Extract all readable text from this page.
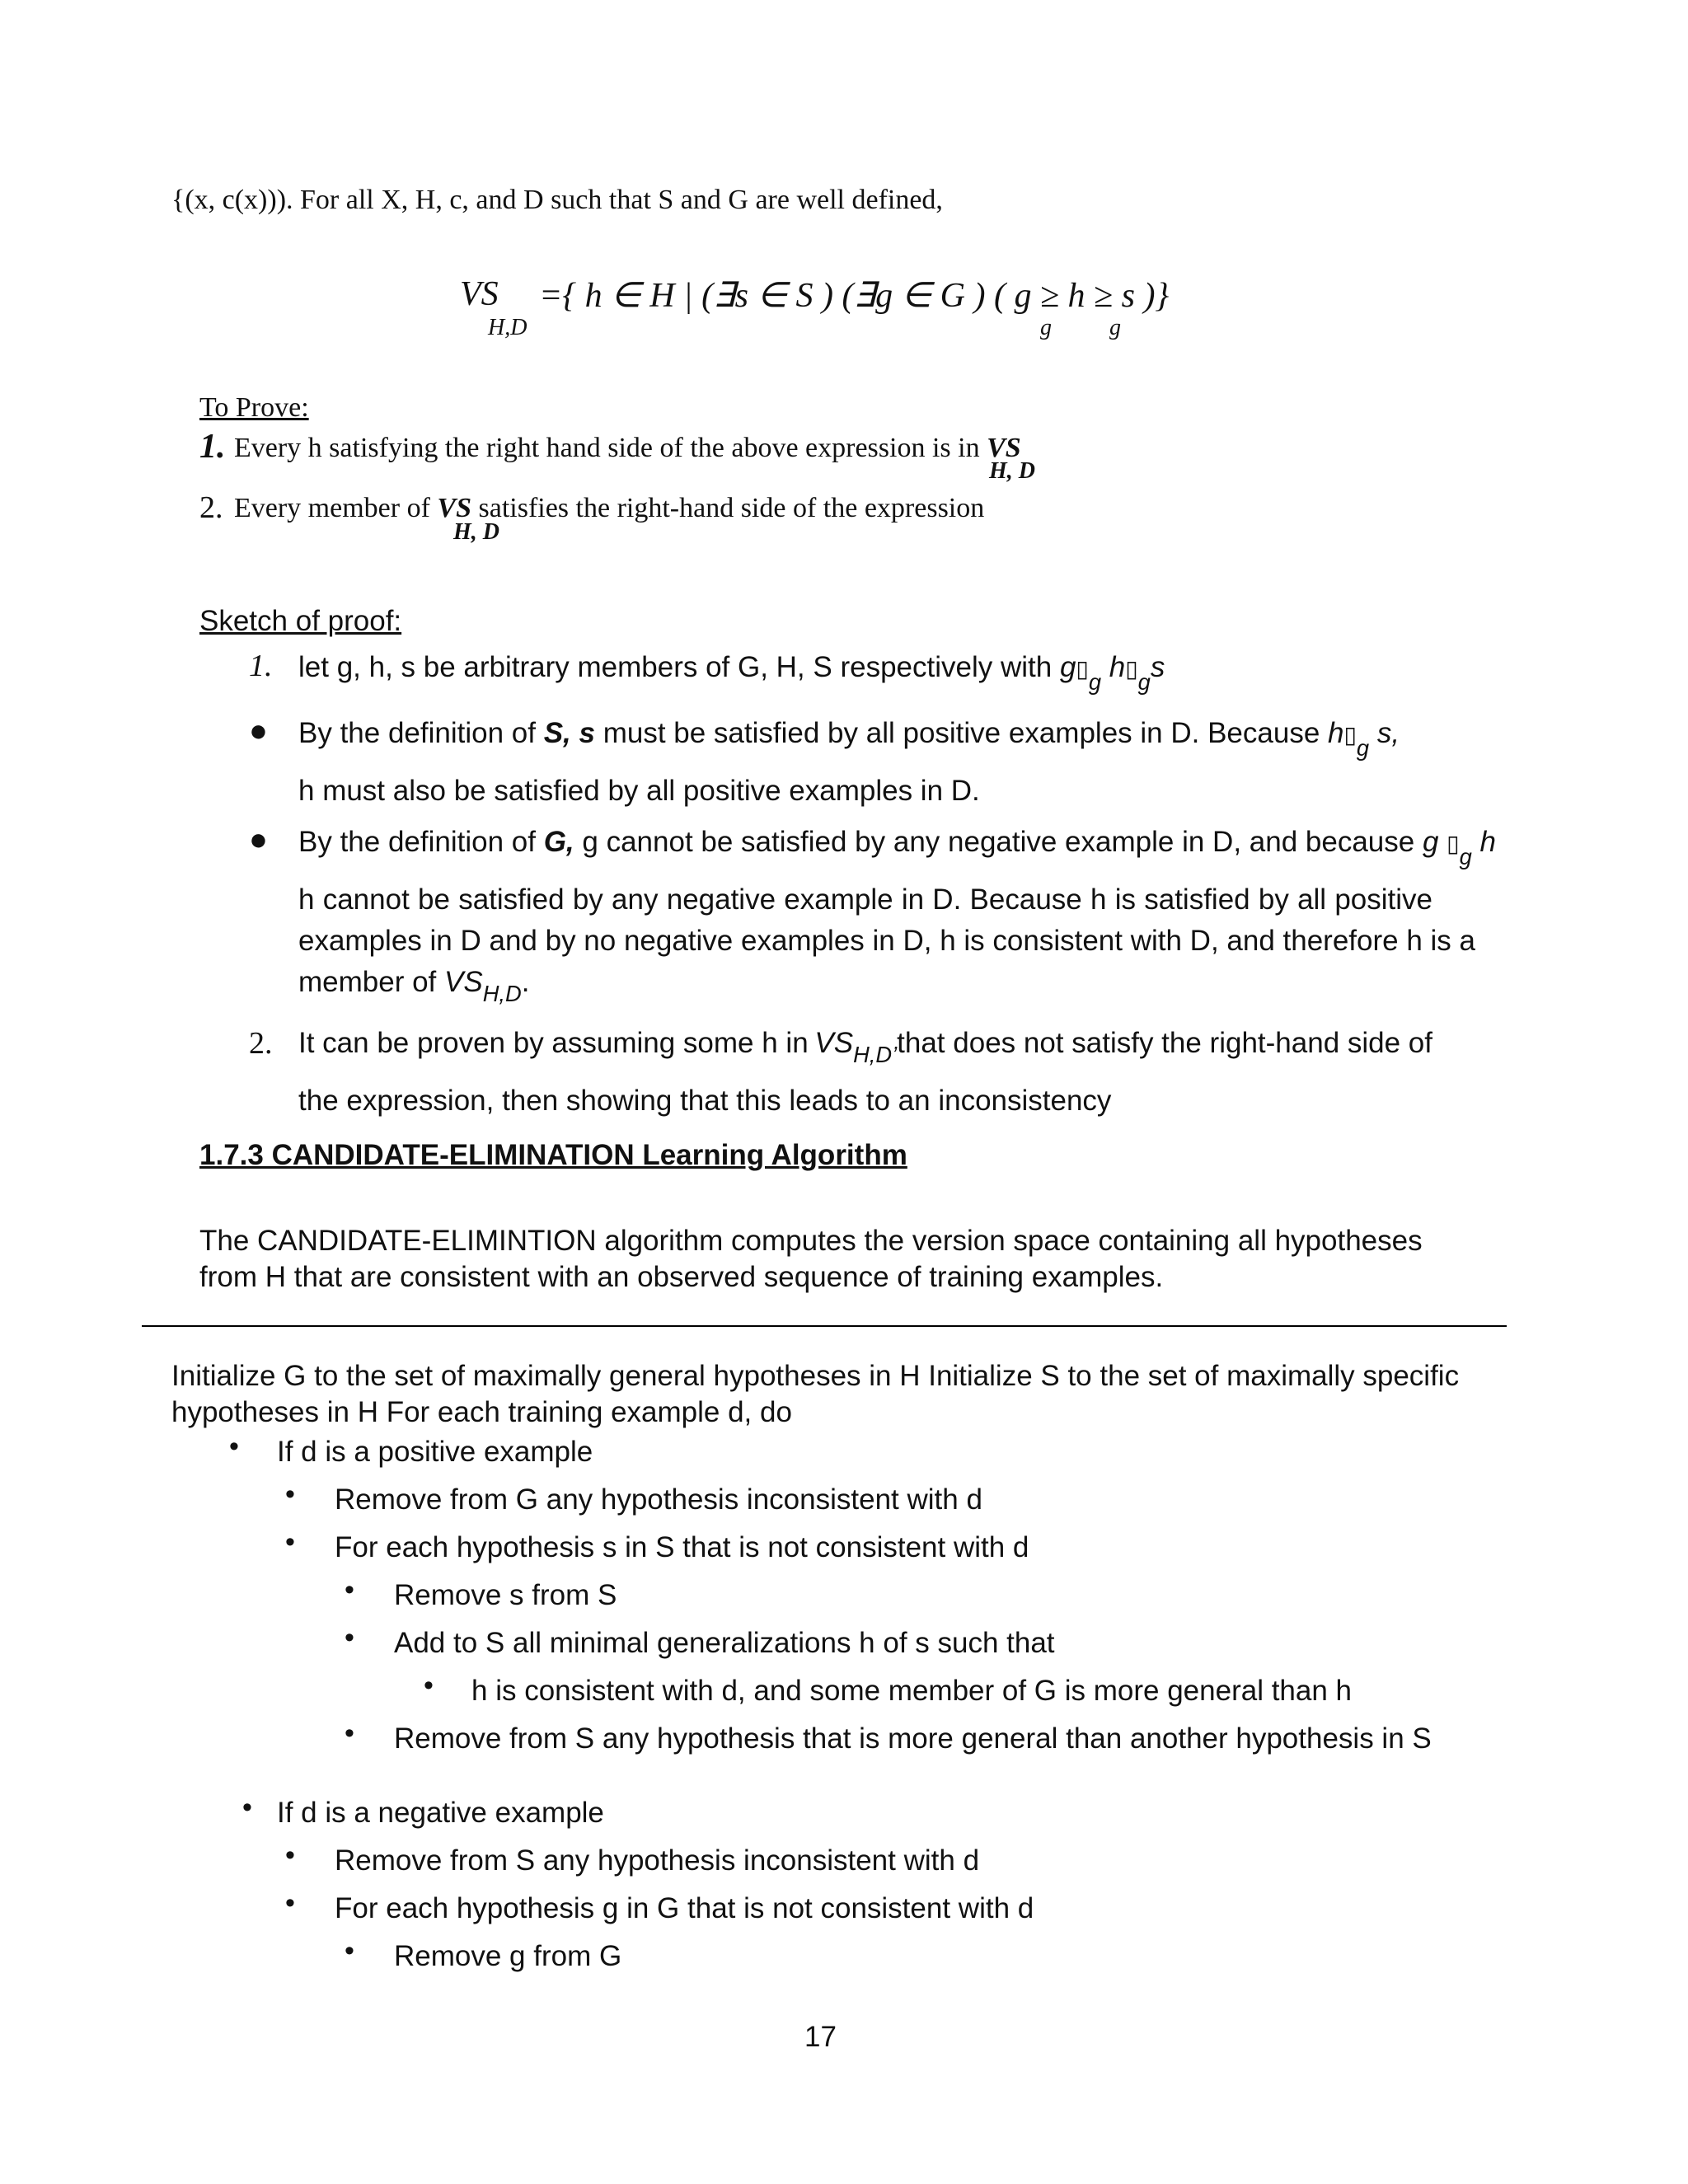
{(x, c(x))). For all X, H, c, and D such that S and G are well defined,
VS
H,D
={ h ∈ H | (∃s ∈ S ) (∃g ∈ G ) ( g ≥ h ≥ s )}
g	g
To Prove:
1. Every h satisfying the right hand side of the above expression is in VS
H, D
2. Every member of VS satisfies the right-hand side of the expression
H, D
Sketch of proof:
1. let g, h, s be arbitrary members of G, H, S respectively with $g▯_g$ $h▯_gs$
● By the definition of S, s must be satisfied by all positive examples in D. Because $h▯_g$ s,
h must also be satisfied by all positive examples in D.
● By the definition of G, g cannot be satisfied by any negative example in D, and because g $▯_g$ h
h cannot be satisfied by any negative example in D. Because h is satisfied by all positive
examples in D and by no negative examples in D, h is consistent with D, and therefore h is a
member of $VS_{H,D}$.
2. It can be proven by assuming some h in $VS_{H,D’}that$ does not satisfy the right-hand side of
the expression, then showing that this leads to an inconsistency
1.7.3 CANDIDATE-ELIMINATION Learning Algorithm
The CANDIDATE-ELIMINTION algorithm computes the version space containing all hypotheses
from H that are consistent with an observed sequence of training examples.
Initialize G to the set of maximally general hypotheses in H Initialize S to the set of maximally specific
hypotheses in H For each training example d, do
• If d is a positive example
• Remove from G any hypothesis inconsistent with d
• For each hypothesis s in S that is not consistent with d
• Remove s from S
• Add to S all minimal generalizations h of s such that
• h is consistent with d, and some member of G is more general than h
• Remove from S any hypothesis that is more general than another hypothesis in S
• If d is a negative example
• Remove from S any hypothesis inconsistent with d
• For each hypothesis g in G that is not consistent with d
• Remove g from G
17
